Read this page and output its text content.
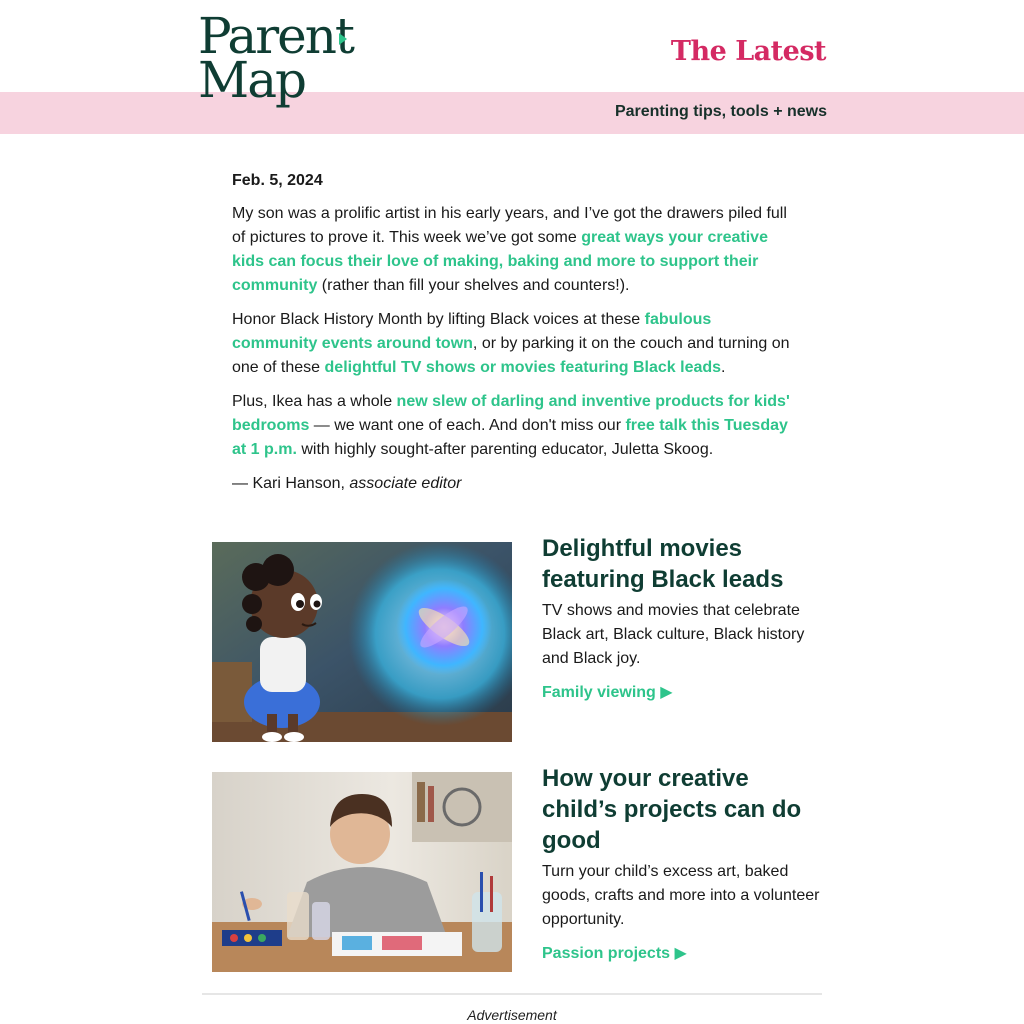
Parent
Map	The Latest
Parenting tips, tools + news
Feb. 5, 2024

My son was a prolific artist in his early years, and I’ve got the drawers piled full of pictures to prove it. This week we’ve got some great ways your creative kids can focus their love of making, baking and more to support their community (rather than fill your shelves and counters!).

Honor Black History Month by lifting Black voices at these fabulous community events around town, or by parking it on the couch and turning on one of these delightful TV shows or movies featuring Black leads.

Plus, Ikea has a whole new slew of darling and inventive products for kids' bedrooms — we want one of each. And don't miss our free talk this Tuesday at 1 p.m. with highly sought-after parenting educator, Juletta Skoog.

— Kari Hanson, associate editor

Delightful movies featuring Black leads

TV shows and movies that celebrate Black art, Black culture, Black history and Black joy.

Family viewing ▶
How your creative child’s projects can do good

Turn your child’s excess art, baked goods, crafts and more into a volunteer opportunity.

Passion projects ▶
Advertisement
